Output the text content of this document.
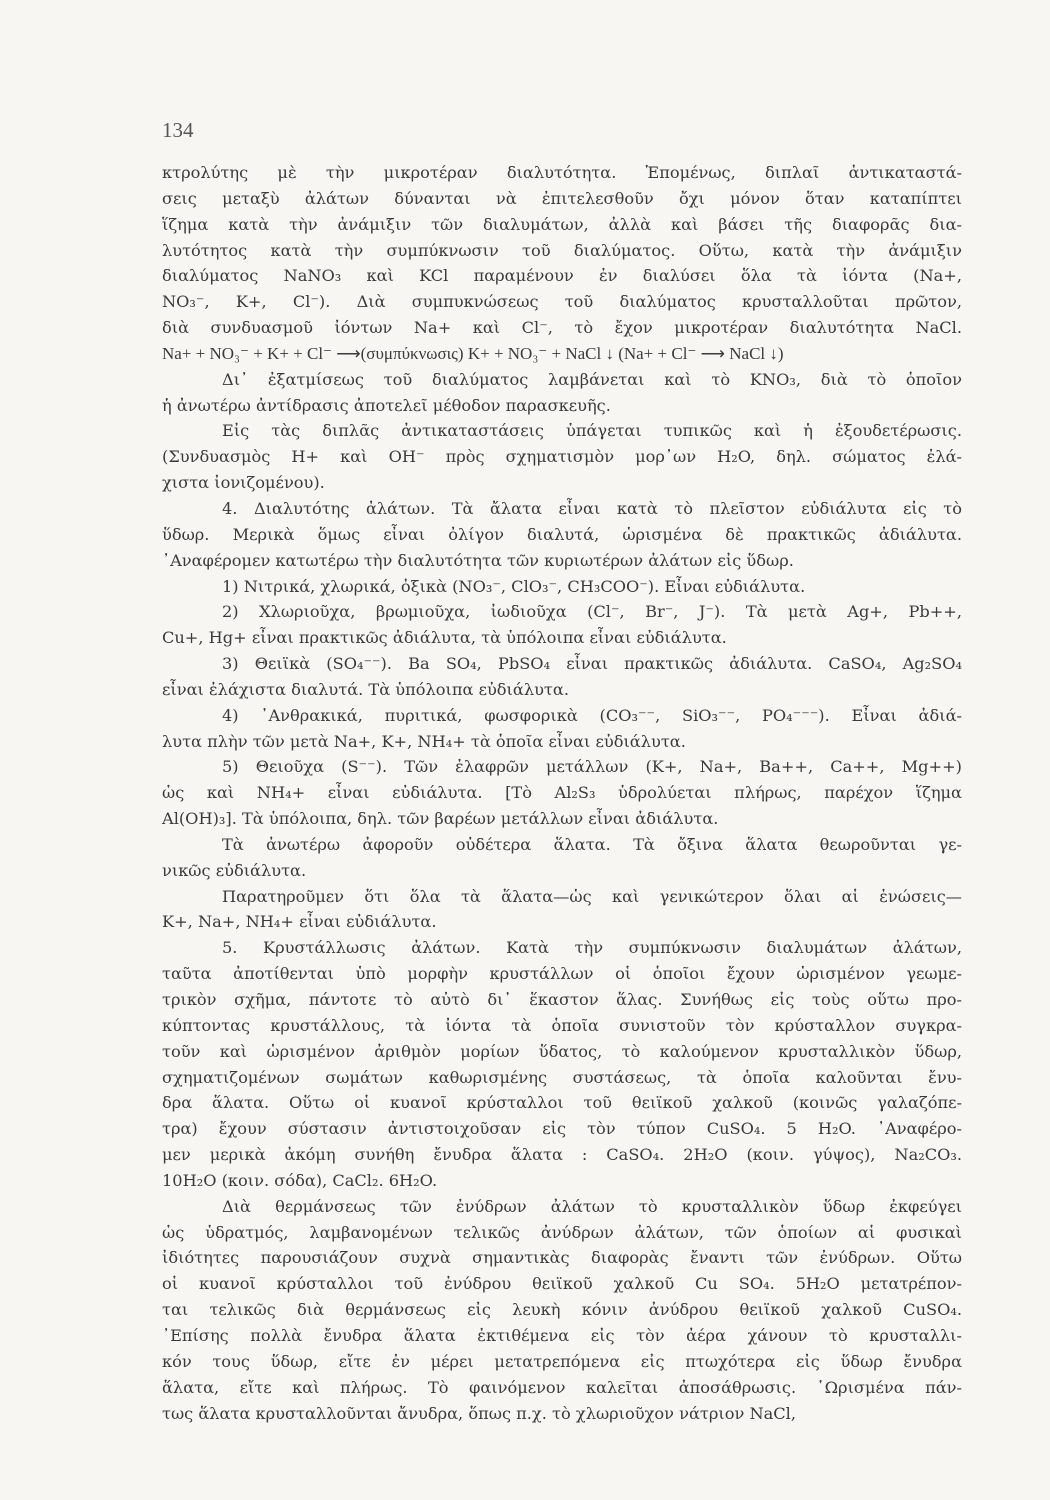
134

κτρολύτης μὲ τὴν μικροτέραν διαλυτότητα. Ἑπομένως, διπλαῖ ἀντικαταστά-

σεις μεταξὺ ἀλάτων δύνανται νὰ ἐπιτελεσθοῦν ὄχι μόνον ὅταν καταπίπτει

ἵζημα κατὰ τὴν ἀνάμιξιν τῶν διαλυμάτων, ἀλλὰ καὶ βάσει τῆς διαφορᾶς δια-

λυτότητος κατὰ τὴν συμπύκνωσιν τοῦ διαλύματος. Οὕτω, κατὰ τὴν ἀνάμιξιν

διαλύματος NaNO₃ καὶ KCl παραμένουν ἐν διαλύσει ὅλα τὰ ἰόντα (Na+,

NO₃⁻, K+, Cl⁻). Διὰ συμπυκνώσεως τοῦ διαλύματος κρυσταλλοῦται πρῶτον,

διὰ συνδυασμοῦ ἰόντων Na+ καὶ Cl⁻, τὸ ἔχον μικροτέραν διαλυτότητα NaCl.

Na+ + NO₃⁻ + K+ + Cl⁻ ⟶(συμπύκνωσις) K+ + NO₃⁻ + NaCl ↓ (Na+ + Cl⁻ ⟶ NaCl ↓)

Δι᾿ ἐξατμίσεως τοῦ διαλύματος λαμβάνεται καὶ τὸ KNO₃, διὰ τὸ ὁποῖον

ἡ ἀνωτέρω ἀντίδρασις ἀποτελεῖ μέθοδον παρασκευῆς.

Εἰς τὰς διπλᾶς ἀντικαταστάσεις ὑπάγεται τυπικῶς καὶ ἡ ἐξουδετέρωσις.

(Συνδυασμὸς H+ καὶ OH⁻ πρὸς σχηματισμὸν μορ᾿ων H₂O, δηλ. σώματος ἐλά-

χιστα ἰονιζομένου).

4. Διαλυτότης ἀλάτων. Τὰ ἄλατα εἶναι κατὰ τὸ πλεῖστον εὐδιάλυτα εἰς τὸ

ὕδωρ. Μερικὰ ὅμως εἶναι ὀλίγον διαλυτά, ὡρισμένα δὲ πρακτικῶς ἀδιάλυτα.

᾿Αναφέρομεν κατωτέρω τὴν διαλυτότητα τῶν κυριωτέρων ἀλάτων εἰς ὕδωρ.

1) Νιτρικά, χλωρικά, ὀξικὰ (NO₃⁻, ClO₃⁻, CH₃COO⁻). Εἶναι εὐδιάλυτα.

2) Χλωριοῦχα, βρωμιοῦχα, ἰωδιοῦχα (Cl⁻, Br⁻, J⁻). Τὰ μετὰ Ag+, Pb++,

Cu+, Hg+ εἶναι πρακτικῶς ἀδιάλυτα, τὰ ὑπόλοιπα εἶναι εὐδιάλυτα.

3) Θειϊκὰ (SO₄⁻⁻). Ba SO₄, PbSO₄ εἶναι πρακτικῶς ἀδιάλυτα. CaSO₄, Ag₂SO₄

εἶναι ἐλάχιστα διαλυτά. Τὰ ὑπόλοιπα εὐδιάλυτα.

4) ᾿Ανθρακικά, πυριτικά, φωσφορικὰ (CO₃⁻⁻, SiO₃⁻⁻, PO₄⁻⁻⁻). Εἶναι ἀδιά-

λυτα πλὴν τῶν μετὰ Na+, K+, NH₄+ τὰ ὁποῖα εἶναι εὐδιάλυτα.

5) Θειοῦχα (S⁻⁻). Τῶν ἐλαφρῶν μετάλλων (K+, Na+, Ba++, Ca++, Mg++)

ὡς καὶ NH₄+ εἶναι εὐδιάλυτα. [Τὸ Al₂S₃ ὑδρολύεται πλήρως, παρέχον ἵζημα

Al(OH)₃]. Τὰ ὑπόλοιπα, δηλ. τῶν βαρέων μετάλλων εἶναι ἀδιάλυτα.

Τὰ ἀνωτέρω ἀφοροῦν οὐδέτερα ἅλατα. Τὰ ὄξινα ἅλατα θεωροῦνται γε-

νικῶς εὐδιάλυτα.

Παρατηροῦμεν ὅτι ὅλα τὰ ἅλατα—ὡς καὶ γενικώτερον ὅλαι αἱ ἑνώσεις—

K+, Na+, NH₄+ εἶναι εὐδιάλυτα.

5. Κρυστάλλωσις ἀλάτων. Κατὰ τὴν συμπύκνωσιν διαλυμάτων ἀλάτων,

ταῦτα ἀποτίθενται ὑπὸ μορφὴν κρυστάλλων οἱ ὁποῖοι ἔχουν ὡρισμένον γεωμε-

τρικὸν σχῆμα, πάντοτε τὸ αὐτὸ δι᾿ ἕκαστον ἅλας. Συνήθως εἰς τοὺς οὕτω προ-

κύπτοντας κρυστάλλους, τὰ ἰόντα τὰ ὁποῖα συνιστοῦν τὸν κρύσταλλον συγκρα-

τοῦν καὶ ὡρισμένον ἀριθμὸν μορίων ὕδατος, τὸ καλούμενον κρυσταλλικὸν ὕδωρ,

σχηματιζομένων σωμάτων καθωρισμένης συστάσεως, τὰ ὁποῖα καλοῦνται ἔνυ-

δρα ἅλατα. Οὕτω οἱ κυανοῖ κρύσταλλοι τοῦ θειϊκοῦ χαλκοῦ (κοινῶς γαλαζόπε-

τρα) ἔχουν σύστασιν ἀντιστοιχοῦσαν εἰς τὸν τύπον CuSO₄. 5 H₂O. ᾿Αναφέρο-

μεν μερικὰ ἀκόμη συνήθη ἔνυδρα ἅλατα : CaSO₄. 2H₂O (κοιν. γύψος), Na₂CO₃.

10H₂O (κοιν. σόδα), CaCl₂. 6H₂O.

Διὰ θερμάνσεως τῶν ἐνύδρων ἀλάτων τὸ κρυσταλλικὸν ὕδωρ ἐκφεύγει

ὡς ὑδρατμός, λαμβανομένων τελικῶς ἀνύδρων ἀλάτων, τῶν ὁποίων αἱ φυσικαὶ

ἰδιότητες παρουσιάζουν συχνὰ σημαντικὰς διαφορὰς ἔναντι τῶν ἐνύδρων. Οὕτω

οἱ κυανοῖ κρύσταλλοι τοῦ ἐνύδρου θειϊκοῦ χαλκοῦ Cu SO₄. 5H₂O μετατρέπον-

ται τελικῶς διὰ θερμάνσεως εἰς λευκὴ κόνιν ἀνύδρου θειϊκοῦ χαλκοῦ CuSO₄.

᾿Επίσης πολλὰ ἔνυδρα ἅλατα ἐκτιθέμενα εἰς τὸν ἀέρα χάνουν τὸ κρυσταλλι-

κόν τους ὕδωρ, εἴτε ἐν μέρει μετατρεπόμενα εἰς πτωχότερα εἰς ὕδωρ ἔνυδρα

ἅλατα, εἴτε καὶ πλήρως. Τὸ φαινόμενον καλεῖται ἀποσάθρωσις. ῾Ωρισμένα πάν-

τως ἅλατα κρυσταλλοῦνται ἄνυδρα, ὅπως π.χ. τὸ χλωριοῦχον νάτριον NaCl,
